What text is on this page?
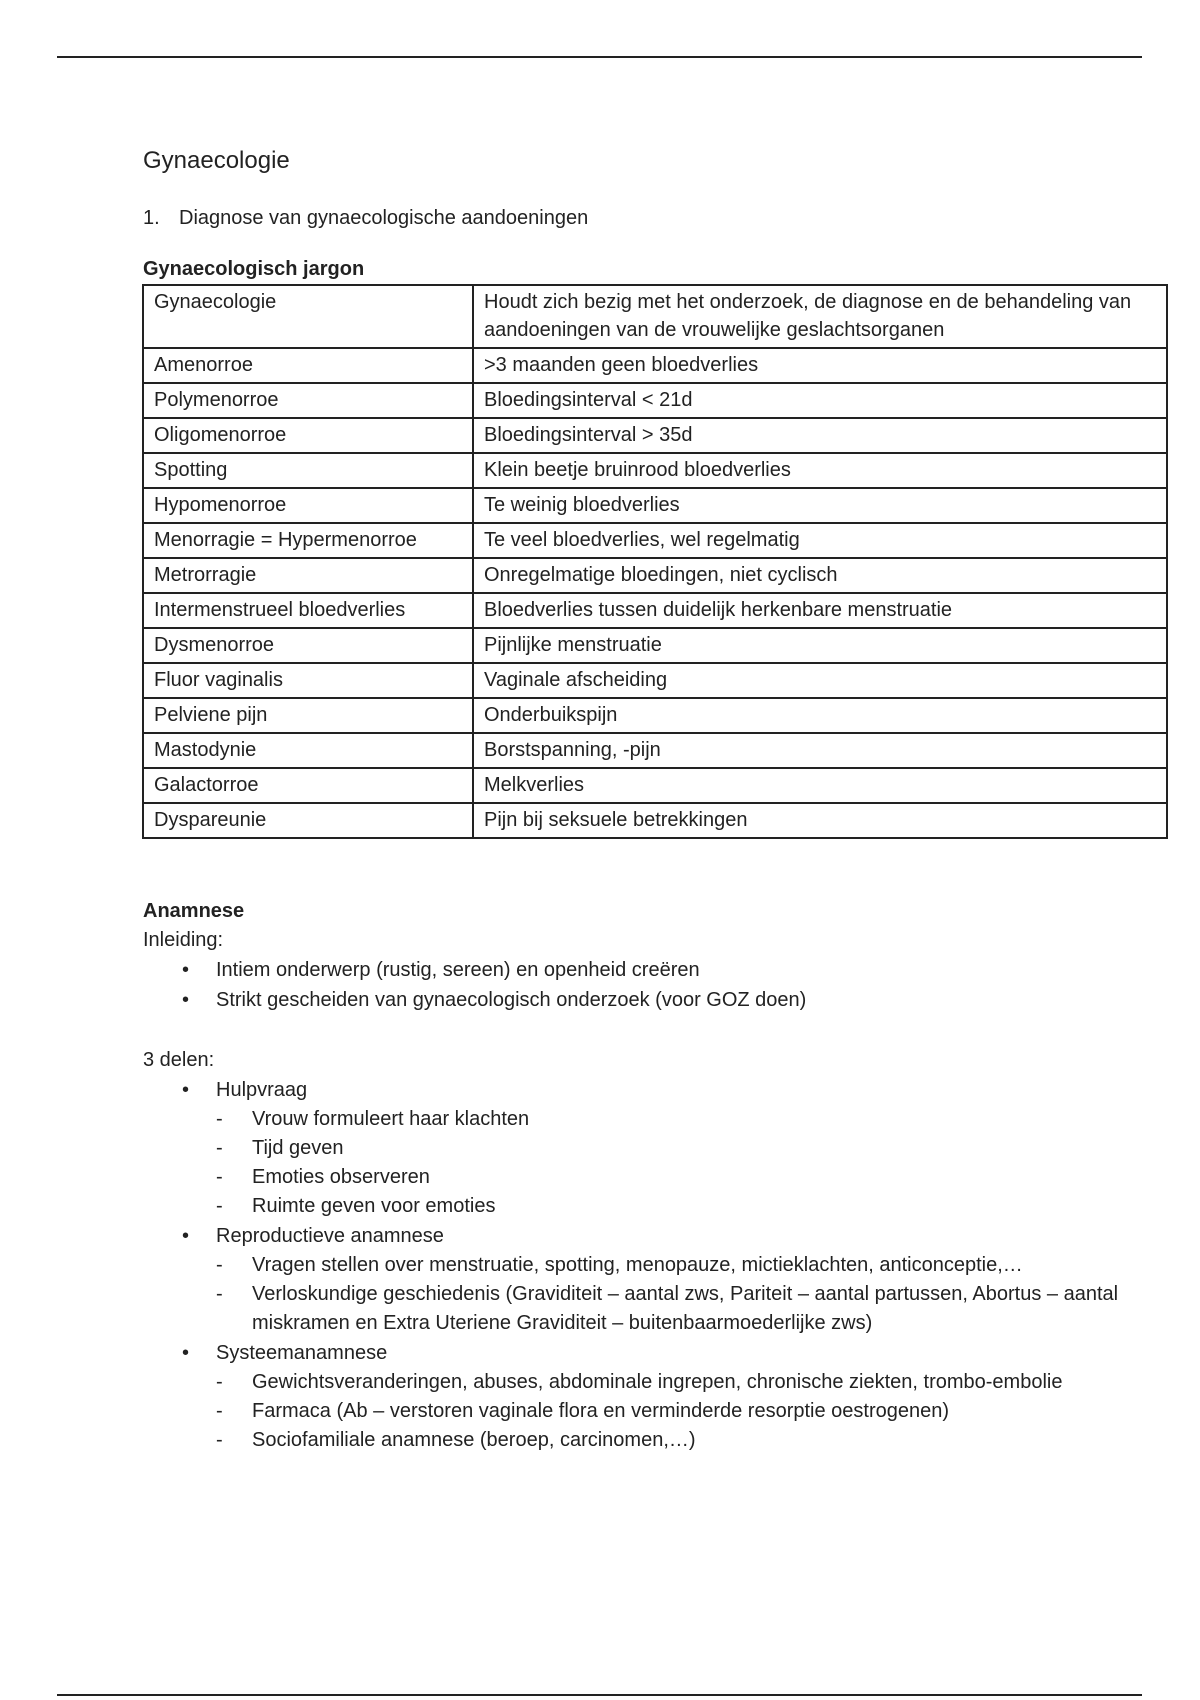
Gynaecologie
1. Diagnose van gynaecologische aandoeningen
Gynaecologisch jargon
Gynaecologie	Houdt zich bezig met het onderzoek, de diagnose en de behandeling van aandoeningen van de vrouwelijke geslachtsorganen
Amenorroe	>3 maanden geen bloedverlies
Polymenorroe	Bloedingsinterval < 21d
Oligomenorroe	Bloedingsinterval > 35d
Spotting	Klein beetje bruinrood bloedverlies
Hypomenorroe	Te weinig bloedverlies
Menorragie = Hypermenorroe	Te veel bloedverlies, wel regelmatig
Metrorragie	Onregelmatige bloedingen, niet cyclisch
Intermenstrueel bloedverlies	Bloedverlies tussen duidelijk herkenbare menstruatie
Dysmenorroe	Pijnlijke menstruatie
Fluor vaginalis	Vaginale afscheiding
Pelviene pijn	Onderbuikspijn
Mastodynie	Borstspanning, -pijn
Galactorroe	Melkverlies
Dyspareunie	Pijn bij seksuele betrekkingen
Anamnese
Inleiding:
• Intiem onderwerp (rustig, sereen) en openheid creëren
• Strikt gescheiden van gynaecologisch onderzoek (voor GOZ doen)
3 delen:
• Hulpvraag
- Vrouw formuleert haar klachten
- Tijd geven
- Emoties observeren
- Ruimte geven voor emoties
• Reproductieve anamnese
- Vragen stellen over menstruatie, spotting, menopauze, mictieklachten, anticonceptie,…
- Verloskundige geschiedenis (Graviditeit – aantal zws, Pariteit – aantal partussen, Abortus – aantal miskramen en Extra Uteriene Graviditeit – buitenbaarmoederlijke zws)
• Systeemanamnese
- Gewichtsveranderingen, abuses, abdominale ingrepen, chronische ziekten, trombo-embolie
- Farmaca (Ab – verstoren vaginale flora en verminderde resorptie oestrogenen)
- Sociofamiliale anamnese (beroep, carcinomen,…)
